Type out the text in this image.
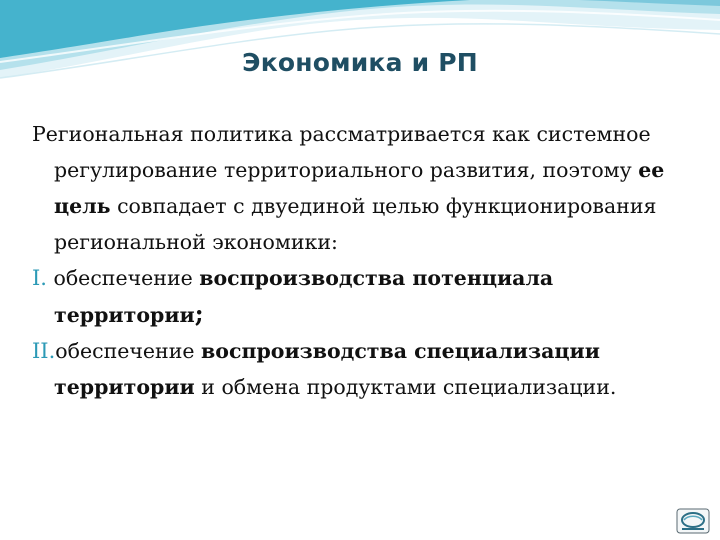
Экономика и РП

Региональная политика рассматривается как системное регулирование территориального развития, поэтому ее цель совпадает с двуединой целью функционирования региональной экономики:

I. обеспечение воспроизводства потенциала территории;

II.обеспечение воспроизводства специализации территории и обмена продуктами специализации.
